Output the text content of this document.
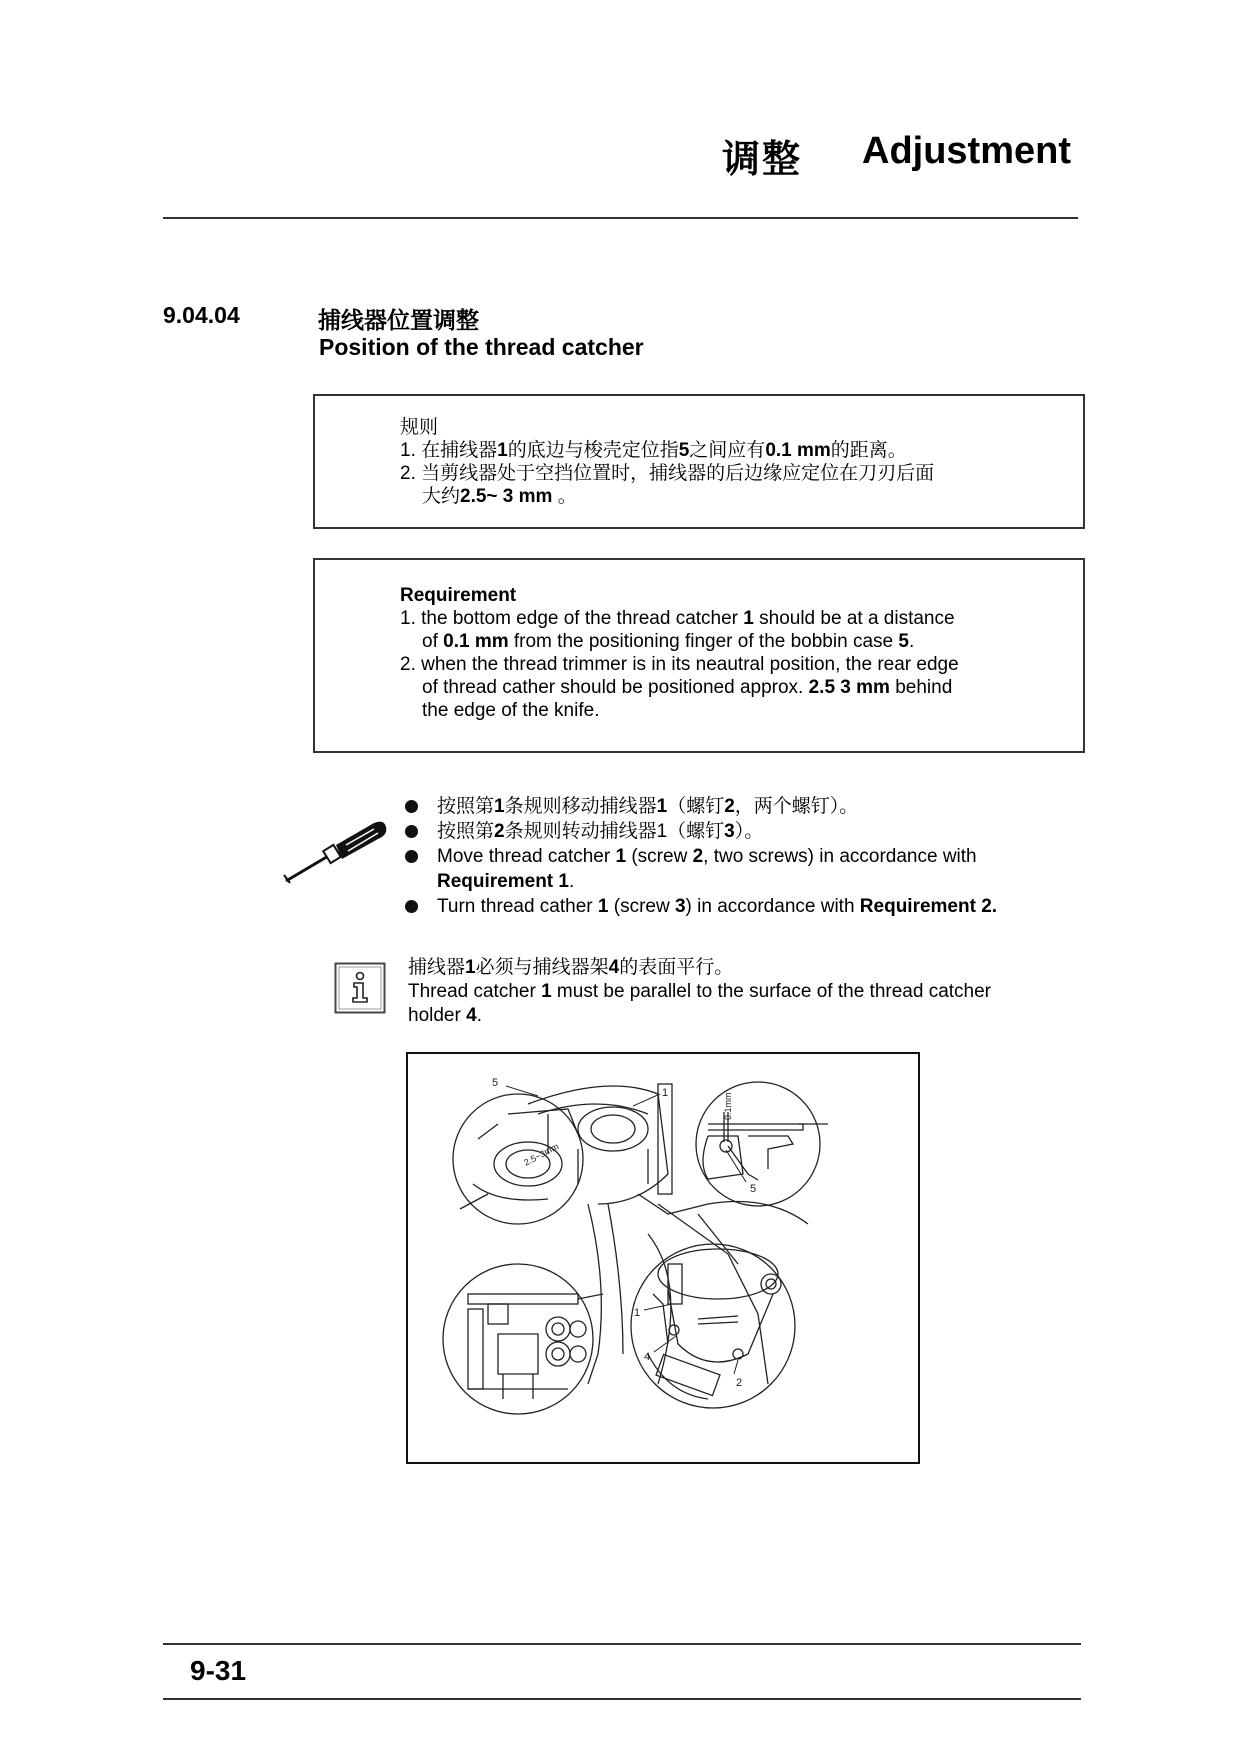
调整 Adjustment
9.04.04	捕线器位置调整
Position of the thread catcher
规则
1. 在捕线器1的底边与梭壳定位指5之间应有0.1 mm的距离。
2. 当剪线器处于空挡位置时，捕线器的后边缘应定位在刀刃后面
大约2.5~ 3 mm 。
Requirement
1. the bottom edge of the thread catcher 1 should be at a distance
of 0.1 mm from the positioning finger of the bobbin case 5.
2. when the thread trimmer is in its neautral position, the rear edge
of thread cather should be positioned approx. 2.5 3 mm behind
the edge of the knife.
按照第1条规则移动捕线器1（螺钉2，两个螺钉）。
按照第2条规则转动捕线器1（螺钉3）。
Move thread catcher 1 (screw 2, two screws) in accordance with
Requirement 1.
Turn thread cather 1 (screw 3) in accordance with Requirement 2.
捕线器1必须与捕线器架4的表面平行。
Thread catcher 1 must be parallel to the surface of the thread catcher
holder 4.
5
1
5
1
4
2
0.1mm
2.5~3mm
9-31
